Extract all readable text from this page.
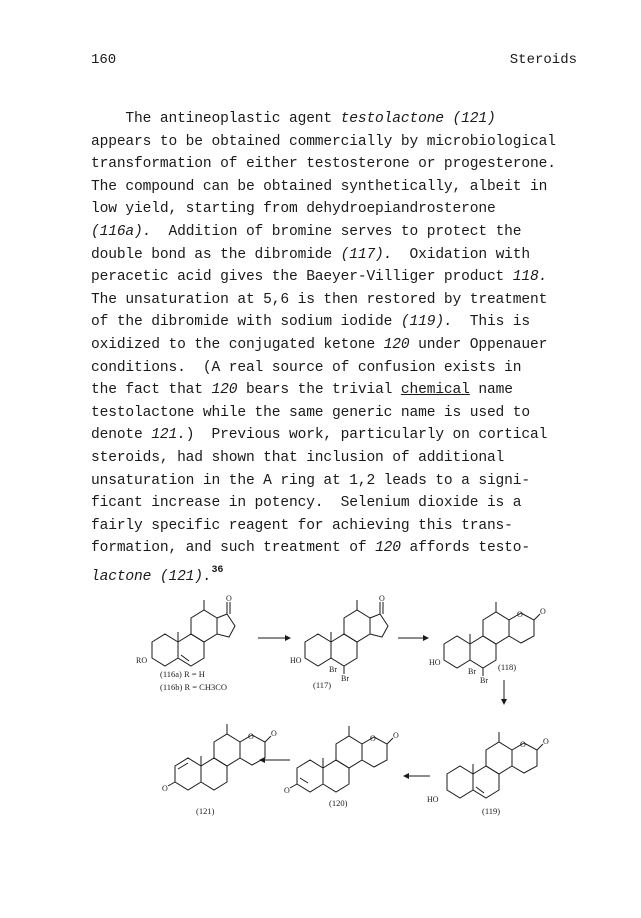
160	Steroids
The antineoplastic agent testolactone (121)
appears to be obtained commercially by microbiological
transformation of either testosterone or progesterone.
The compound can be obtained synthetically, albeit in
low yield, starting from dehydroepiandrosterone
(116a).  Addition of bromine serves to protect the
double bond as the dibromide (117).  Oxidation with
peracetic acid gives the Baeyer-Villiger product 118.
The unsaturation at 5,6 is then restored by treatment
of the dibromide with sodium iodide (119).  This is
oxidized to the conjugated ketone 120 under Oppenauer
conditions.  (A real source of confusion exists in
the fact that 120 bears the trivial chemical name
testolactone while the same generic name is used to
denote 121.)  Previous work, particularly on cortical
steroids, had shown that inclusion of additional
unsaturation in the A ring at 1,2 leads to a signi-
ficant increase in potency.  Selenium dioxide is a
fairly specific reagent for achieving this trans-
formation, and such treatment of 120 affords testo-
lactone (121).$^{36}$
RO
O
(116a) R = H
(116b) R = CH3CO
HO
Br
Br
O
(117)
HO
Br
Br
O O
(118)
HO
O O
(119)
O
O O
(120)
O
O O
(121)
